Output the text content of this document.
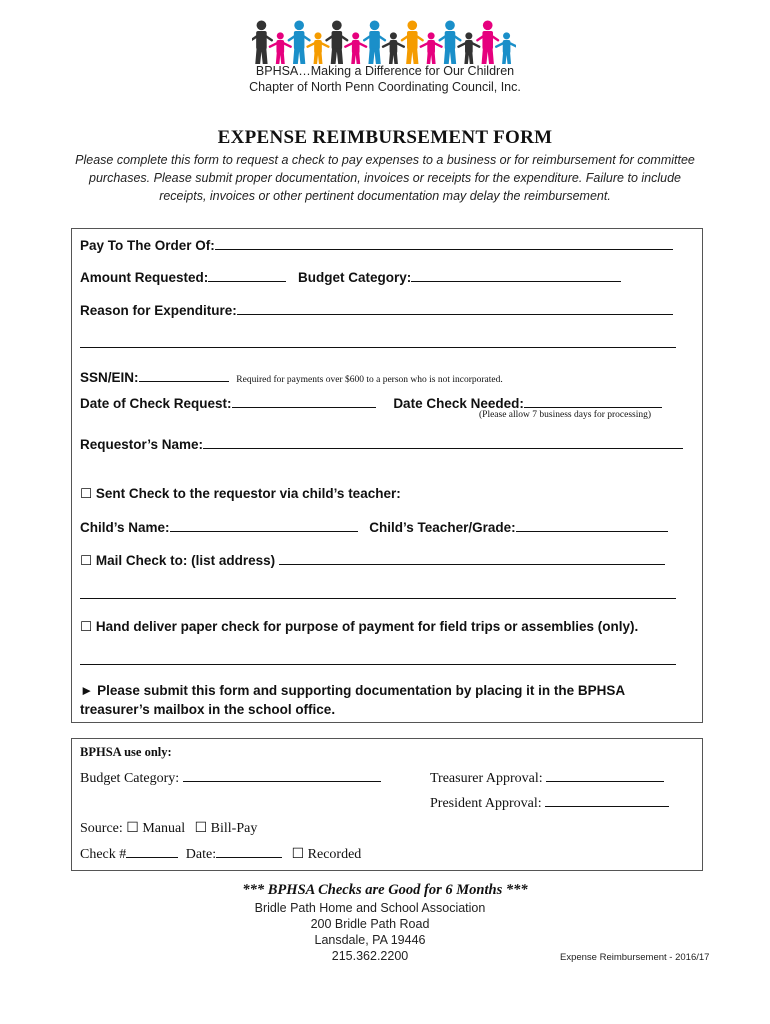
BPHSA…Making a Difference for Our Children
Chapter of North Penn Coordinating Council, Inc.
EXPENSE REIMBURSEMENT FORM
Please complete this form to request a check to pay expenses to a business or for reimbursement for committee purchases. Please submit proper documentation, invoices or receipts for the expenditure. Failure to include receipts, invoices or other pertinent documentation may delay the reimbursement.
Pay To The Order Of:
Amount Requested:	Budget Category:
Reason for Expenditure:
SSN/EIN:	Required for payments over $600 to a person who is not incorporated.
Date of Check Request:	Date Check Needed:
(Please allow 7 business days for processing)
Requestor’s Name:
☐ Sent Check to the requestor via child’s teacher:
Child’s Name:	Child’s Teacher/Grade:
☐ Mail Check to: (list address)
☐ Hand deliver paper check for purpose of payment for field trips or assemblies (only).
► Please submit this form and supporting documentation by placing it in the BPHSA
treasurer’s mailbox in the school office.
BPHSA use only:
Budget Category:	Treasurer Approval:
President Approval:
Source: ☐ Manual ☐ Bill-Pay
Check #	Date:	☐ Recorded
*** BPHSA Checks are Good for 6 Months ***
Bridle Path Home and School Association
200 Bridle Path Road
Lansdale, PA 19446
215.362.2200	Expense Reimbursement - 2016/17
